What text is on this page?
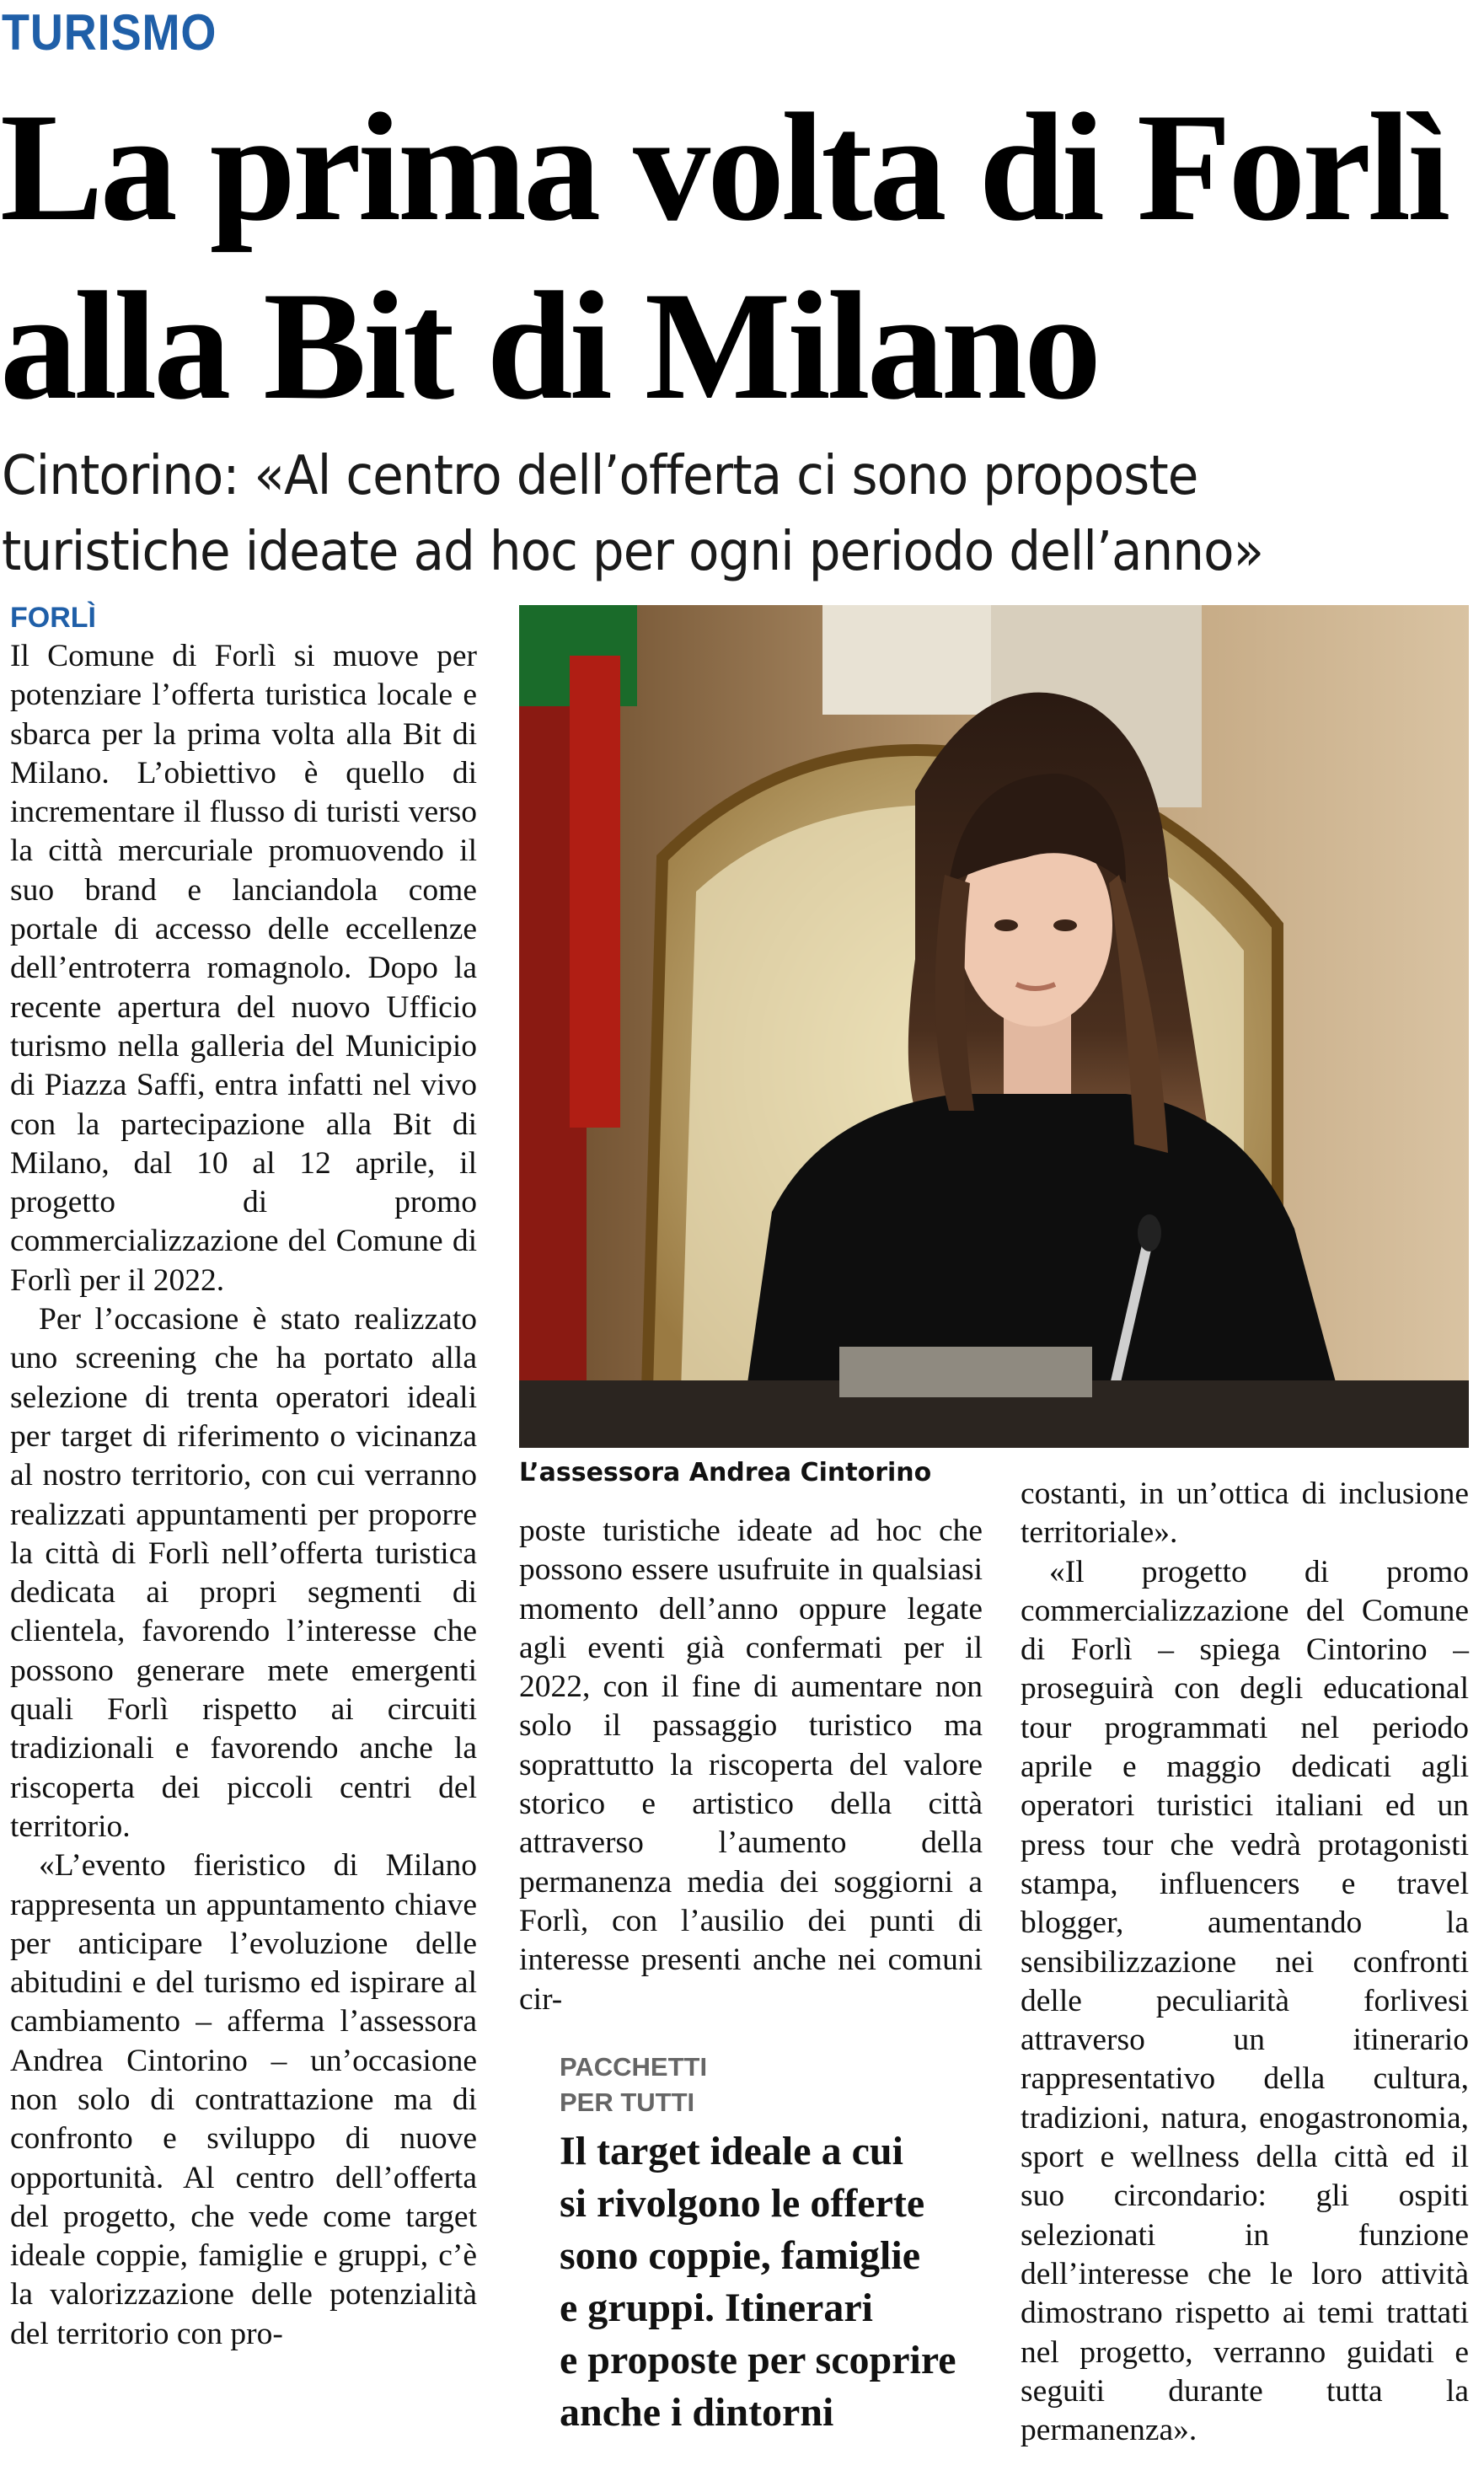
TURISMO
La prima volta di Forlì
alla Bit di Milano
Cintorino: «Al centro dell’offerta ci sono proposte
turistiche ideate ad hoc per ogni periodo dell’anno»
FORLÌ

Il Comune di Forlì si muove per potenziare l’offerta turistica locale e sbarca per la prima volta alla Bit di Milano. L’obiettivo è quello di incrementare il flusso di turisti verso la città mercuriale promuovendo il suo brand e lanciandola come portale di accesso delle eccellenze dell’entroterra romagnolo. Dopo la recente apertura del nuovo Ufficio turismo nella galleria del Municipio di Piazza Saffi, entra infatti nel vivo con la partecipazione alla Bit di Milano, dal 10 al 12 aprile, il progetto di promo commercializzazione del Comune di Forlì per il 2022.

Per l’occasione è stato realizzato uno screening che ha portato alla selezione di trenta operatori ideali per target di riferimento o vicinanza al nostro territorio, con cui verranno realizzati appuntamenti per proporre la città di Forlì nell’offerta turistica dedicata ai propri segmenti di clientela, favorendo l’interesse che possono generare mete emergenti quali Forlì rispetto ai circuiti tradizionali e favorendo anche la riscoperta dei piccoli centri del territorio.

«L’evento fieristico di Milano rappresenta un appuntamento chiave per anticipare l’evoluzione delle abitudini e del turismo ed ispirare al cambiamento – afferma l’assessora Andrea Cintorino – un’occasione non solo di contrattazione ma di confronto e sviluppo di nuove opportunità. Al centro dell’offerta del progetto, che vede come target ideale coppie, famiglie e gruppi, c’è la valorizzazione delle potenzialità del territorio con pro-

L’assessora Andrea Cintorino

poste turistiche ideate ad hoc che possono essere usufruite in qualsiasi momento dell’anno oppure legate agli eventi già confermati per il 2022, con il fine di aumentare non solo il passaggio turistico ma soprattutto la riscoperta del valore storico e artistico della città attraverso l’aumento della permanenza media dei soggiorni a Forlì, con l’ausilio dei punti di interesse presenti anche nei comuni cir-

PACCHETTI
PER TUTTI
Il target ideale a cui
si rivolgono le offerte
sono coppie, famiglie
e gruppi. Itinerari
e proposte per scoprire
anche i dintorni

costanti, in un’ottica di inclusione territoriale».

«Il progetto di promo commercializzazione del Comune di Forlì – spiega Cintorino – proseguirà con degli educational tour programmati nel periodo aprile e maggio dedicati agli operatori turistici italiani ed un press tour che vedrà protagonisti stampa, influencers e travel blogger, aumentando la sensibilizzazione nei confronti delle peculiarità forlivesi attraverso un itinerario rappresentativo della cultura, tradizioni, natura, enogastronomia, sport e wellness della città ed il suo circondario: gli ospiti selezionati in funzione dell’interesse che le loro attività dimostrano rispetto ai temi trattati nel progetto, verranno guidati e seguiti durante tutta la permanenza».
